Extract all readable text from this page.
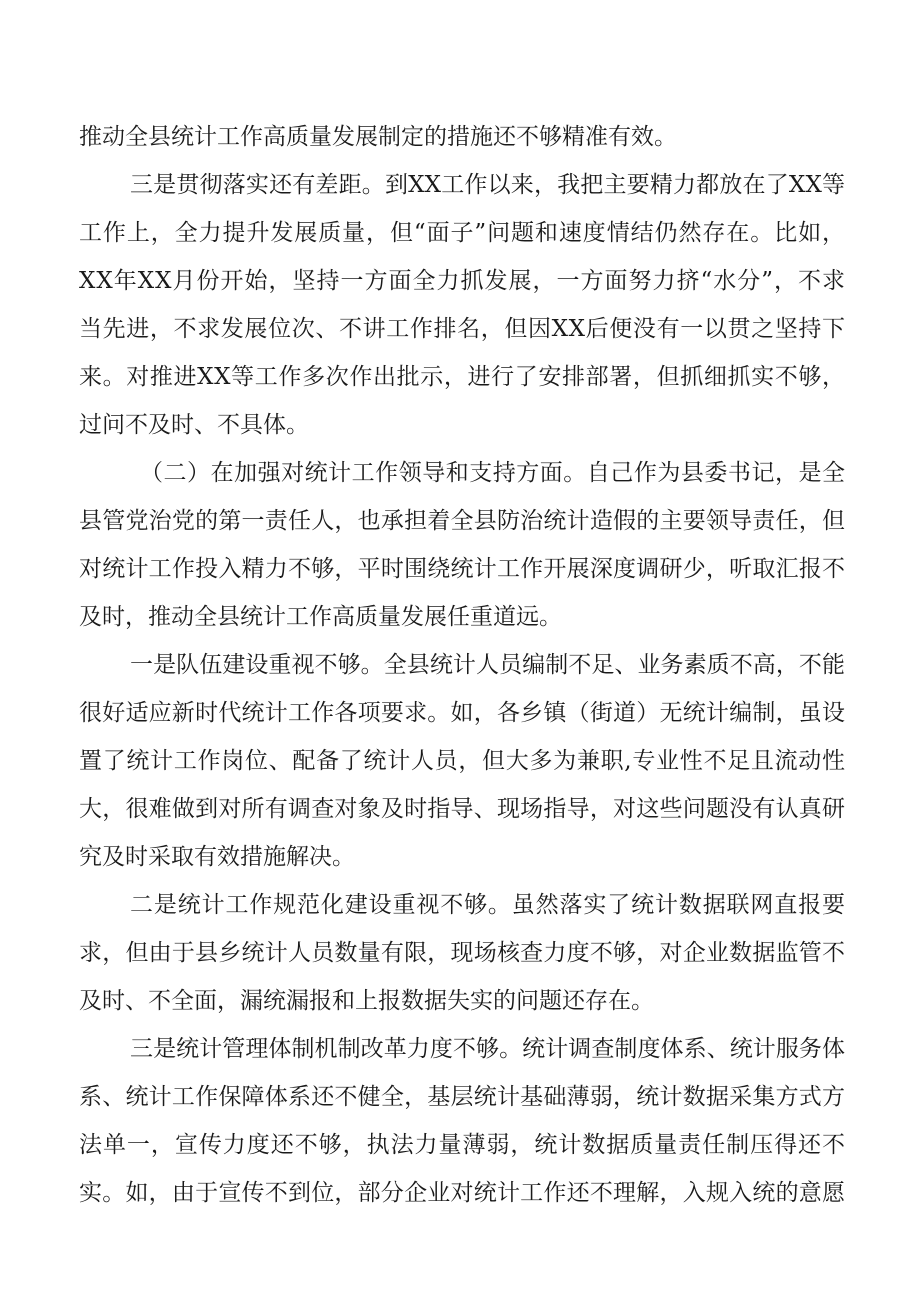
推动全县统计工作高质量发展制定的措施还不够精准有效。
三是贯彻落实还有差距。到XX工作以来，我把主要精力都放在了XX等
工作上，全力提升发展质量，但“面子”问题和速度情结仍然存在。比如，
XX年XX月份开始，坚持一方面全力抓发展，一方面努力挤“水分”，不求
当先进，不求发展位次、不讲工作排名，但因XX后便没有一以贯之坚持下
来。对推进XX等工作多次作出批示，进行了安排部署，但抓细抓实不够，
过问不及时、不具体。
（二）在加强对统计工作领导和支持方面。自己作为县委书记，是全
县管党治党的第一责任人，也承担着全县防治统计造假的主要领导责任，但
对统计工作投入精力不够，平时围绕统计工作开展深度调研少，听取汇报不
及时，推动全县统计工作高质量发展任重道远。
一是队伍建设重视不够。全县统计人员编制不足、业务素质不高，不能
很好适应新时代统计工作各项要求。如，各乡镇（街道）无统计编制，虽设
置了统计工作岗位、配备了统计人员，但大多为兼职,专业性不足且流动性
大，很难做到对所有调查对象及时指导、现场指导，对这些问题没有认真研
究及时采取有效措施解决。
二是统计工作规范化建设重视不够。虽然落实了统计数据联网直报要
求，但由于县乡统计人员数量有限，现场核查力度不够，对企业数据监管不
及时、不全面，漏统漏报和上报数据失实的问题还存在。
三是统计管理体制机制改革力度不够。统计调查制度体系、统计服务体
系、统计工作保障体系还不健全，基层统计基础薄弱，统计数据采集方式方
法单一，宣传力度还不够，执法力量薄弱，统计数据质量责任制压得还不
实。如，由于宣传不到位，部分企业对统计工作还不理解，入规入统的意愿
